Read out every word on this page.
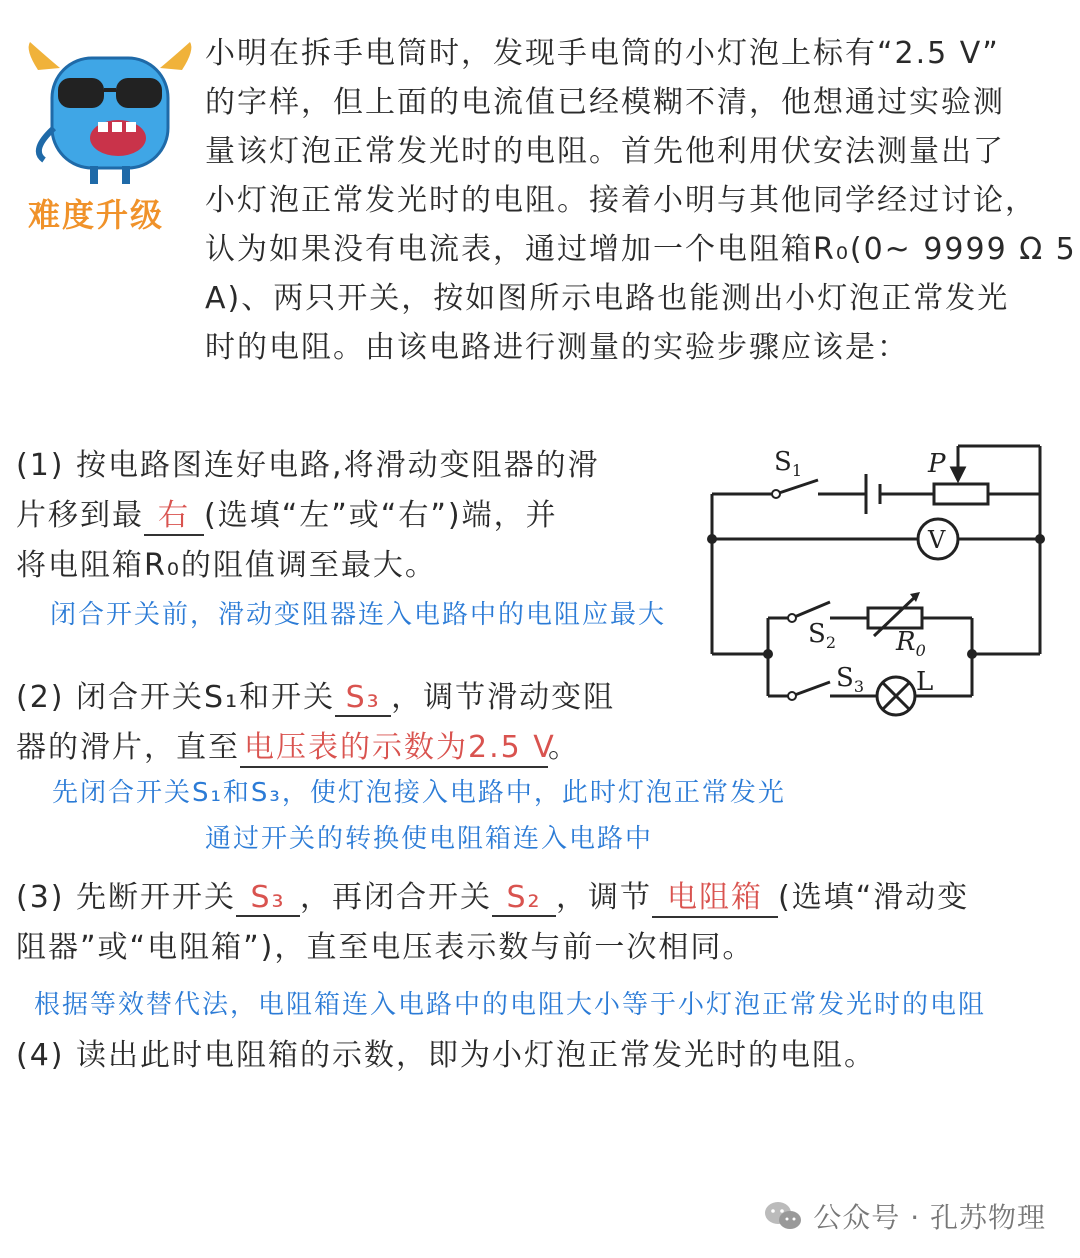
难度升级
小明在拆手电筒时，发现手电筒的小灯泡上标有“2.5 V”
的字样，但上面的电流值已经模糊不清，他想通过实验测
量该灯泡正常发光时的电阻。首先他利用伏安法测量出了
小灯泡正常发光时的电阻。接着小明与其他同学经过讨论，
认为如果没有电流表，通过增加一个电阻箱R₀(0~ 9999 Ω 5
A)、两只开关，按如图所示电路也能测出小灯泡正常发光
时的电阻。由该电路进行测量的实验步骤应该是：
(1) 按电路图连好电路,将滑动变阻器的滑
片移到最 右 (选填“左”或“右”)端，并
将电阻箱R₀的阻值调至最大。
闭合开关前，滑动变阻器连入电路中的电阻应最大
(2) 闭合开关S₁和开关 S₃ ，调节滑动变阻
器的滑片，直至 电压表的示数为2.5 V。
先闭合开关S₁和S₃，使灯泡接入电路中，此时灯泡正常发光
通过开关的转换使电阻箱连入电路中
(3) 先断开开关 S₃ ，再闭合开关 S₂ ，调节 电阻箱 (选填“滑动变
阻器”或“电阻箱”)，直至电压表示数与前一次相同。
根据等效替代法，电阻箱连入电路中的电阻大小等于小灯泡正常发光时的电阻
(4) 读出此时电阻箱的示数，即为小灯泡正常发光时的电阻。
$S_1$	P
V
$S_2$ $R_0$
$S_3$ L
公众号 · 孔苏物理
